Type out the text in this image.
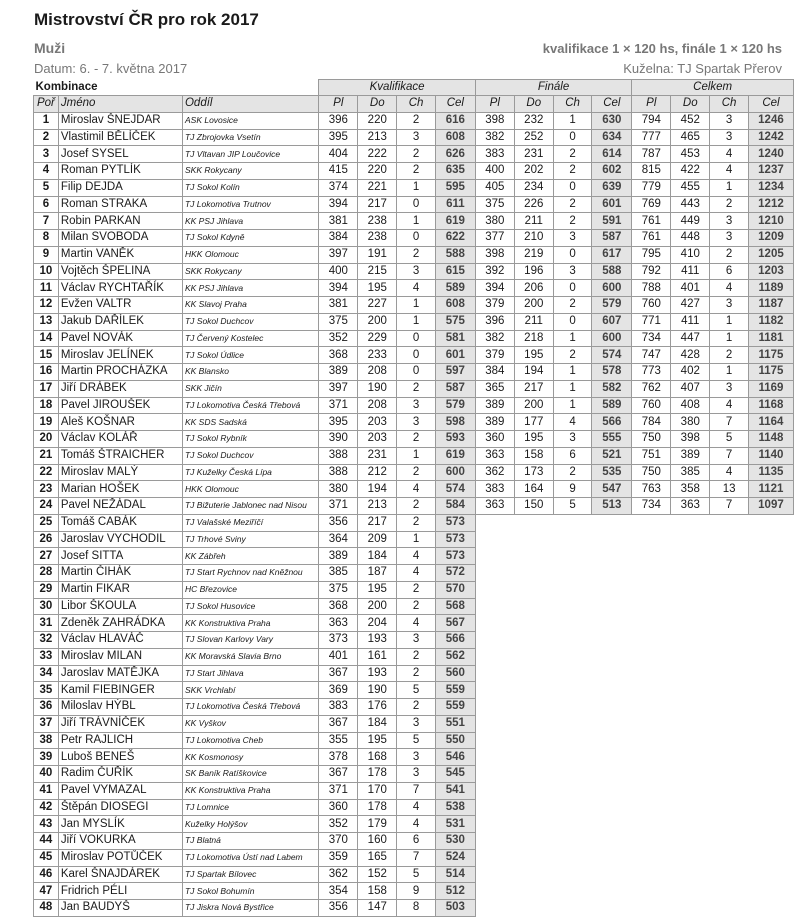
Mistrovství ČR pro rok 2017
Muži	kvalifikace 1 × 120 hs, finále 1 × 120 hs
Datum: 6. - 7. května 2017	Kuželna: TJ Spartak Přerov
Kombinace			Kvalifikace				Finále				Celkem			
Poř	Jméno	Oddíl	Pl	Do	Ch	Cel	Pl	Do	Ch	Cel	Pl	Do	Ch	Cel
1	Miroslav ŠNEJDAR	ASK Lovosice	396	220	2	616	398	232	1	630	794	452	3	1246
2	Vlastimil BĚLÍČEK	TJ Zbrojovka Vsetín	395	213	3	608	382	252	0	634	777	465	3	1242
3	Josef SYSEL	TJ Vltavan JIP Loučovice	404	222	2	626	383	231	2	614	787	453	4	1240
4	Roman PYTLÍK	SKK Rokycany	415	220	2	635	400	202	2	602	815	422	4	1237
5	Filip DEJDA	TJ Sokol Kolín	374	221	1	595	405	234	0	639	779	455	1	1234
6	Roman STRAKA	TJ Lokomotiva Trutnov	394	217	0	611	375	226	2	601	769	443	2	1212
7	Robin PARKAN	KK PSJ Jihlava	381	238	1	619	380	211	2	591	761	449	3	1210
8	Milan SVOBODA	TJ Sokol Kdyně	384	238	0	622	377	210	3	587	761	448	3	1209
9	Martin VANĚK	HKK Olomouc	397	191	2	588	398	219	0	617	795	410	2	1205
10	Vojtěch ŠPELINA	SKK Rokycany	400	215	3	615	392	196	3	588	792	411	6	1203
11	Václav RYCHTAŘÍK	KK PSJ Jihlava	394	195	4	589	394	206	0	600	788	401	4	1189
12	Evžen VALTR	KK Slavoj Praha	381	227	1	608	379	200	2	579	760	427	3	1187
13	Jakub DAŘÍLEK	TJ Sokol Duchcov	375	200	1	575	396	211	0	607	771	411	1	1182
14	Pavel NOVÁK	TJ Červený Kostelec	352	229	0	581	382	218	1	600	734	447	1	1181
15	Miroslav JELÍNEK	TJ Sokol Údlice	368	233	0	601	379	195	2	574	747	428	2	1175
16	Martin PROCHÁZKA	KK Blansko	389	208	0	597	384	194	1	578	773	402	1	1175
17	Jiří DRÁBEK	SKK Jičín	397	190	2	587	365	217	1	582	762	407	3	1169
18	Pavel JIROUŠEK	TJ Lokomotiva Česká Třebová	371	208	3	579	389	200	1	589	760	408	4	1168
19	Aleš KOŠNAR	KK SDS Sadská	395	203	3	598	389	177	4	566	784	380	7	1164
20	Václav KOLÁŘ	TJ Sokol Rybník	390	203	2	593	360	195	3	555	750	398	5	1148
21	Tomáš ŠTRAICHER	TJ Sokol Duchcov	388	231	1	619	363	158	6	521	751	389	7	1140
22	Miroslav MALÝ	TJ Kuželky Česká Lípa	388	212	2	600	362	173	2	535	750	385	4	1135
23	Marian HOŠEK	HKK Olomouc	380	194	4	574	383	164	9	547	763	358	13	1121
24	Pavel NEŽÁDAL	TJ Bižuterie Jablonec nad Nisou	371	213	2	584	363	150	5	513	734	363	7	1097
25	Tomáš CABÁK	TJ Valašské Meziříčí	356	217	2	573								
26	Jaroslav VYCHODIL	TJ Trhové Sviny	364	209	1	573								
27	Josef SITTA	KK Zábřeh	389	184	4	573								
28	Martin ČIHÁK	TJ Start Rychnov nad Kněžnou	385	187	4	572								
29	Martin FIKAR	HC Březovice	375	195	2	570								
30	Libor ŠKOULA	TJ Sokol Husovice	368	200	2	568								
31	Zdeněk ZAHRÁDKA	KK Konstruktiva Praha	363	204	4	567								
32	Václav HLAVÁČ	TJ Slovan Karlovy Vary	373	193	3	566								
33	Miroslav MILAN	KK Moravská Slavia Brno	401	161	2	562								
34	Jaroslav MATĚJKA	TJ Start Jihlava	367	193	2	560								
35	Kamil FIEBINGER	SKK Vrchlabí	369	190	5	559								
36	Miloslav HÝBL	TJ Lokomotiva Česká Třebová	383	176	2	559								
37	Jiří TRÁVNÍČEK	KK Vyškov	367	184	3	551								
38	Petr RAJLICH	TJ Lokomotiva Cheb	355	195	5	550								
39	Luboš BENEŠ	KK Kosmonosy	378	168	3	546								
40	Radim ČUŘÍK	SK Baník Ratíškovice	367	178	3	545								
41	Pavel VYMAZAL	KK Konstruktiva Praha	371	170	7	541								
42	Štěpán DIOSEGI	TJ Lomnice	360	178	4	538								
43	Jan MYSLÍK	Kuželky Holýšov	352	179	4	531								
44	Jiří VOKURKA	TJ Blatná	370	160	6	530								
45	Miroslav POTŮČEK	TJ Lokomotiva Ústí nad Labem	359	165	7	524								
46	Karel ŠNAJDÁREK	TJ Spartak Bílovec	362	152	5	514								
47	Fridrich PÉLI	TJ Sokol Bohumín	354	158	9	512								
48	Jan BAUDYŠ	TJ Jiskra Nová Bystřice	356	147	8	503								
